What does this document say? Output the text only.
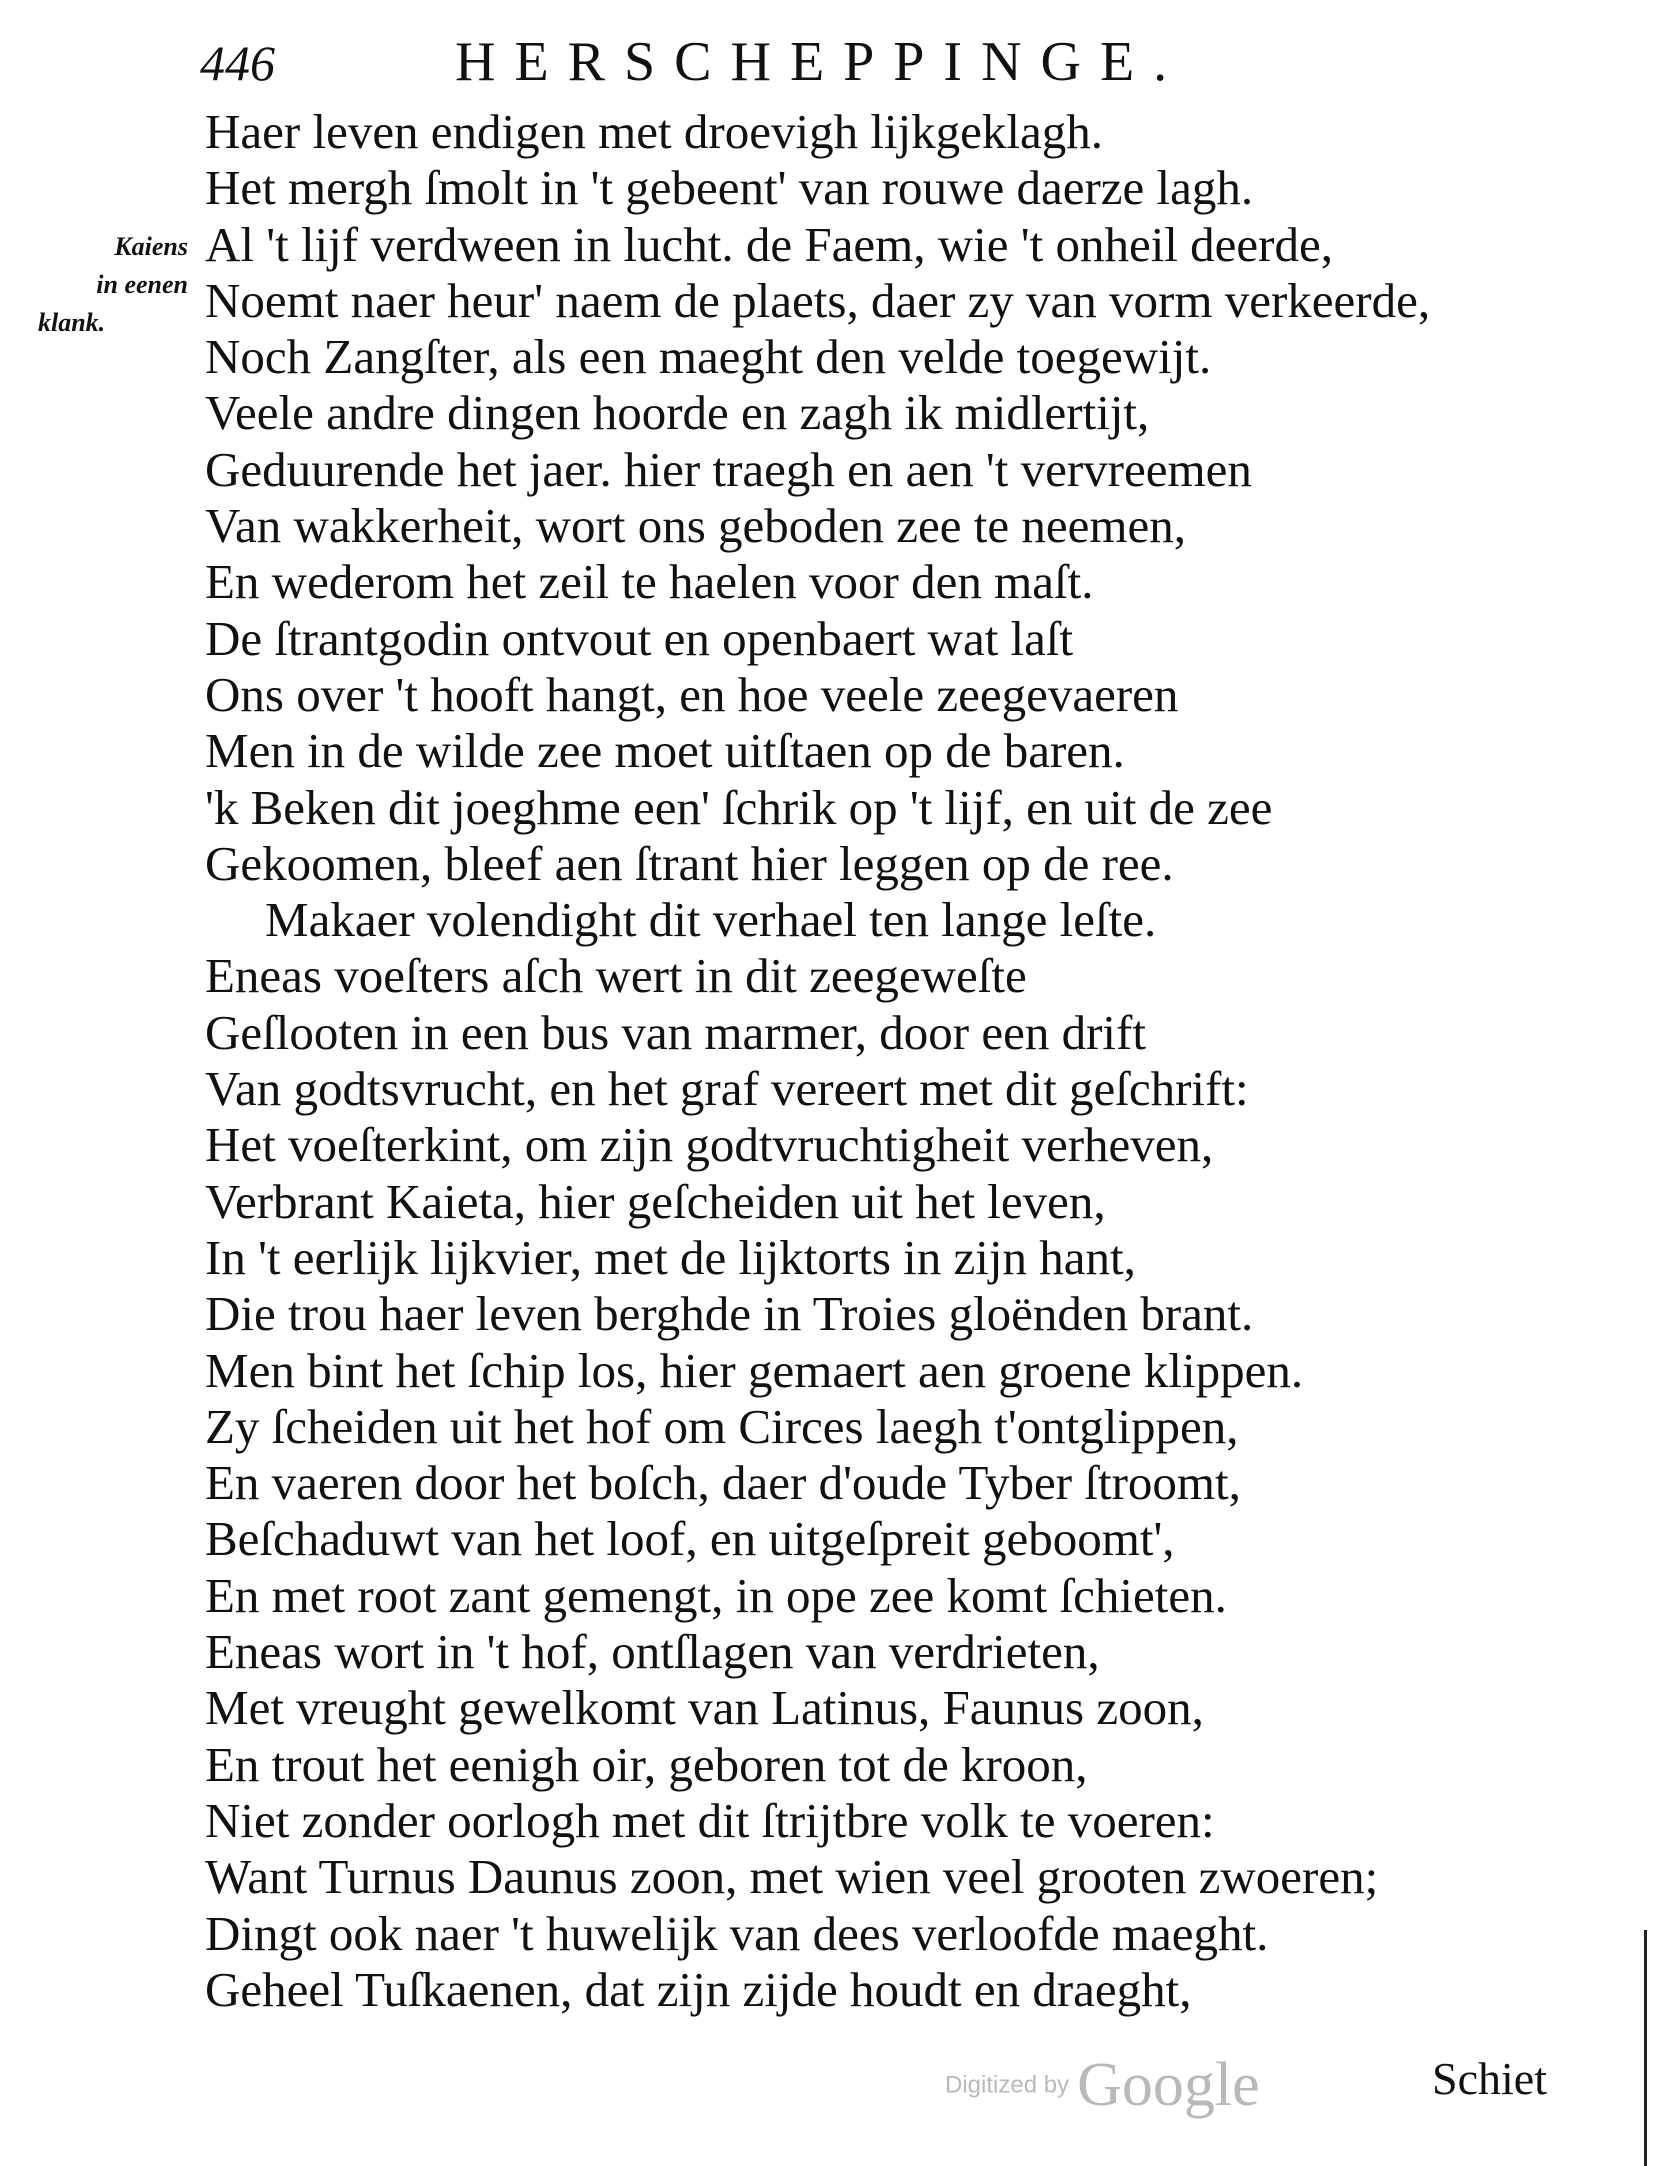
446	HERSCHEPPINGE.
Kaiens
in eenen
klank.
Haer leven endigen met droevigh lijkgeklagh.
Het mergh ſmolt in 't gebeent' van rouwe daerze lagh.
Al 't lijf verdween in lucht. de Faem, wie 't onheil deerde,
Noemt naer heur' naem de plaets, daer zy van vorm verkeerde,
Noch Zangſter, als een maeght den velde toegewijt.
Veele andre dingen hoorde en zagh ik midlertijt,
Geduurende het jaer. hier traegh en aen 't vervreemen
Van wakkerheit, wort ons geboden zee te neemen,
En wederom het zeil te haelen voor den maſt.
De ſtrantgodin ontvout en openbaert wat laſt
Ons over 't hooft hangt, en hoe veele zeegevaeren
Men in de wilde zee moet uitſtaen op de baren.
'k Beken dit joeghme een' ſchrik op 't lijf, en uit de zee
Gekoomen, bleef aen ſtrant hier leggen op de ree.
Makaer volendight dit verhael ten lange leſte.
Eneas voeſters aſch wert in dit zeegeweſte
Geſlooten in een bus van marmer, door een drift
Van godtsvrucht, en het graf vereert met dit geſchrift:
Het voeſterkint, om zijn godtvruchtigheit verheven,
Verbrant Kaieta, hier geſcheiden uit het leven,
In 't eerlijk lijkvier, met de lijktorts in zijn hant,
Die trou haer leven berghde in Troies gloënden brant.
Men bint het ſchip los, hier gemaert aen groene klippen.
Zy ſcheiden uit het hof om Circes laegh t'ontglippen,
En vaeren door het boſch, daer d'oude Tyber ſtroomt,
Beſchaduwt van het loof, en uitgeſpreit geboomt',
En met root zant gemengt, in ope zee komt ſchieten.
Eneas wort in 't hof, ontſlagen van verdrieten,
Met vreught gewelkomt van Latinus, Faunus zoon,
En trout het eenigh oir, geboren tot de kroon,
Niet zonder oorlogh met dit ſtrijtbre volk te voeren:
Want Turnus Daunus zoon, met wien veel grooten zwoeren;
Dingt ook naer 't huwelijk van dees verloofde maeght.
Geheel Tuſkaenen, dat zijn zijde houdt en draeght,
Digitized by Google	Schiet
